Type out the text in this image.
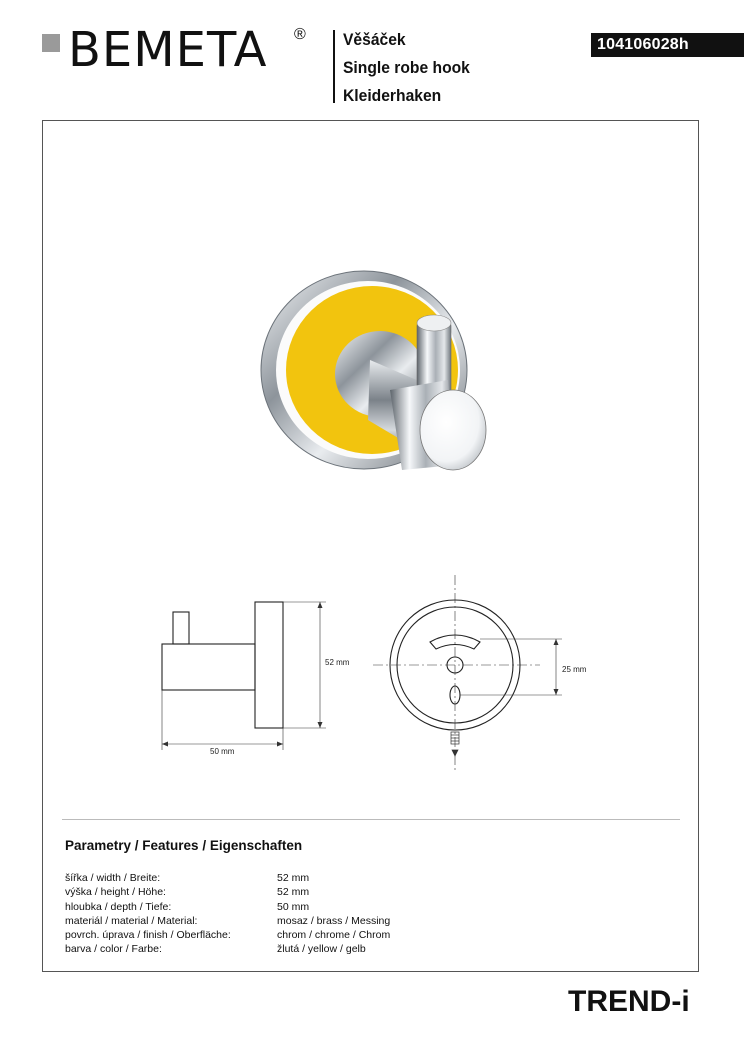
BEMETA ® Věšáček
Single robe hook
Kleiderhaken
104106028h
52 mm
50 mm
25 mm
Parametry / Features / Eigenschaften
šířka / width / Breite:	52 mm
výška / height / Höhe:	52 mm
hloubka / depth / Tiefe:	50 mm
materiál / material / Material:	mosaz / brass / Messing
povrch. úprava / finish / Oberfläche:	chrom / chrome / Chrom
barva / color / Farbe:	žlutá / yellow / gelb
TREND-i
